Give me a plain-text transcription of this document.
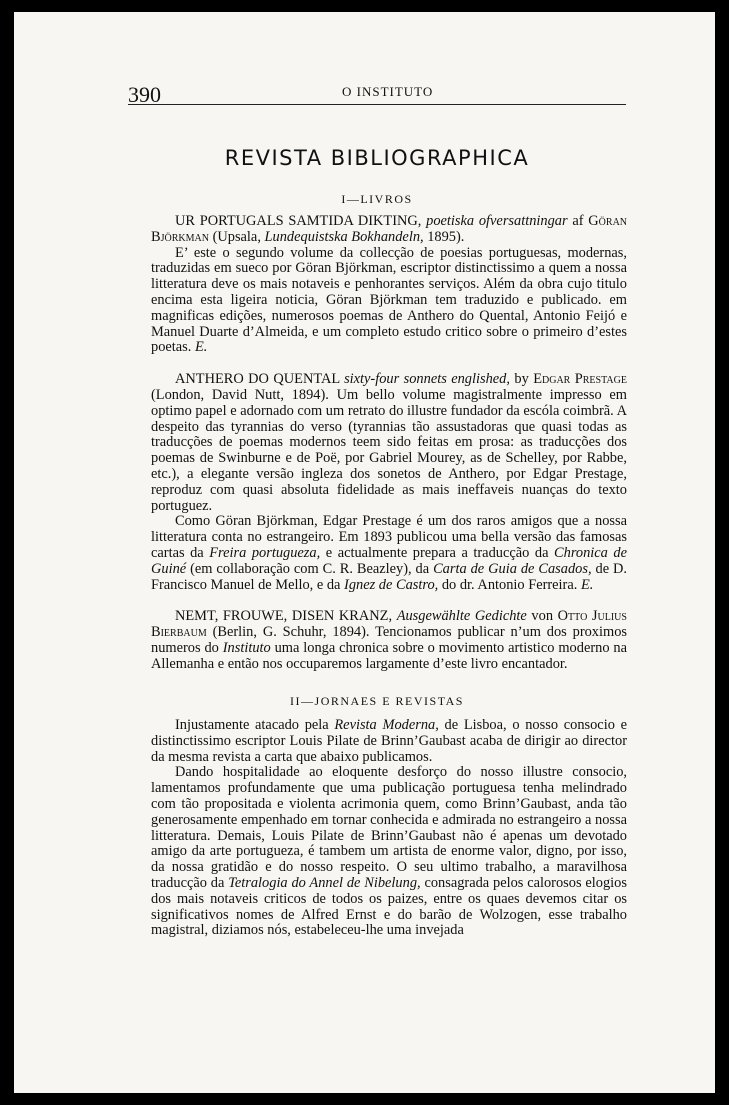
390	O INSTITUTO
REVISTA BIBLIOGRAPHICA
I—LIVROS

UR PORTUGALS SAMTIDA DIKTING, poetiska ofversattningar af Göran Björkman (Upsala, Lundequistska Bokhandeln, 1895).

E’ este o segundo volume da collecção de poesias portuguesas, modernas, traduzidas em sueco por Göran Björkman, escriptor distinctissimo a quem a nossa litteratura deve os mais notaveis e penhorantes serviços. Além da obra cujo titulo encima esta ligeira noticia, Göran Björkman tem traduzido e publicado. em magnificas edições, numerosos poemas de Anthero do Quental, Antonio Feijó e Manuel Duarte d’Almeida, e um completo estudo critico sobre o primeiro d’estes poetas. E.

ANTHERO DO QUENTAL sixty-four sonnets englished, by Edgar Prestage (London, David Nutt, 1894). Um bello volume magistralmente impresso em optimo papel e adornado com um retrato do illustre fundador da escóla coimbrã. A despeito das tyrannias do verso (tyrannias tão assustadoras que quasi todas as traducções de poemas modernos teem sido feitas em prosa: as traducções dos poemas de Swinburne e de Poë, por Gabriel Mourey, as de Schelley, por Rabbe, etc.), a elegante versão ingleza dos sonetos de Anthero, por Edgar Prestage, reproduz com quasi absoluta fidelidade as mais ineffaveis nuanças do texto portuguez.

Como Göran Björkman, Edgar Prestage é um dos raros amigos que a nossa litteratura conta no estrangeiro. Em 1893 publicou uma bella versão das famosas cartas da Freira portugueza, e actualmente prepara a traducção da Chronica de Guiné (em collaboração com C. R. Beazley), da Carta de Guia de Casados, de D. Francisco Manuel de Mello, e da Ignez de Castro, do dr. Antonio Ferreira. E.

NEMT, FROUWE, DISEN KRANZ, Ausgewählte Gedichte von Otto Julius Bierbaum (Berlin, G. Schuhr, 1894). Tencionamos publicar n’um dos proximos numeros do Instituto uma longa chronica sobre o movimento artistico moderno na Allemanha e então nos occuparemos largamente d’este livro encantador.

II—JORNAES E REVISTAS

Injustamente atacado pela Revista Moderna, de Lisboa, o nosso consocio e distinctissimo escriptor Louis Pilate de Brinn’Gaubast acaba de dirigir ao director da mesma revista a carta que abaixo publicamos.

Dando hospitalidade ao eloquente desforço do nosso illustre consocio, lamentamos profundamente que uma publicação portuguesa tenha melindrado com tão propositada e violenta acrimonia quem, como Brinn’Gaubast, anda tão generosamente empenhado em tornar conhecida e admirada no estrangeiro a nossa litteratura. Demais, Louis Pilate de Brinn’Gaubast não é apenas um devotado amigo da arte portugueza, é tambem um artista de enorme valor, digno, por isso, da nossa gratidão e do nosso respeito. O seu ultimo trabalho, a maravilhosa traducção da Tetralogia do Annel de Nibelung, consagrada pelos calorosos elogios dos mais notaveis criticos de todos os paizes, entre os quaes devemos citar os significativos nomes de Alfred Ernst e do barão de Wolzogen, esse trabalho magistral, diziamos nós, estabeleceu-lhe uma invejada
